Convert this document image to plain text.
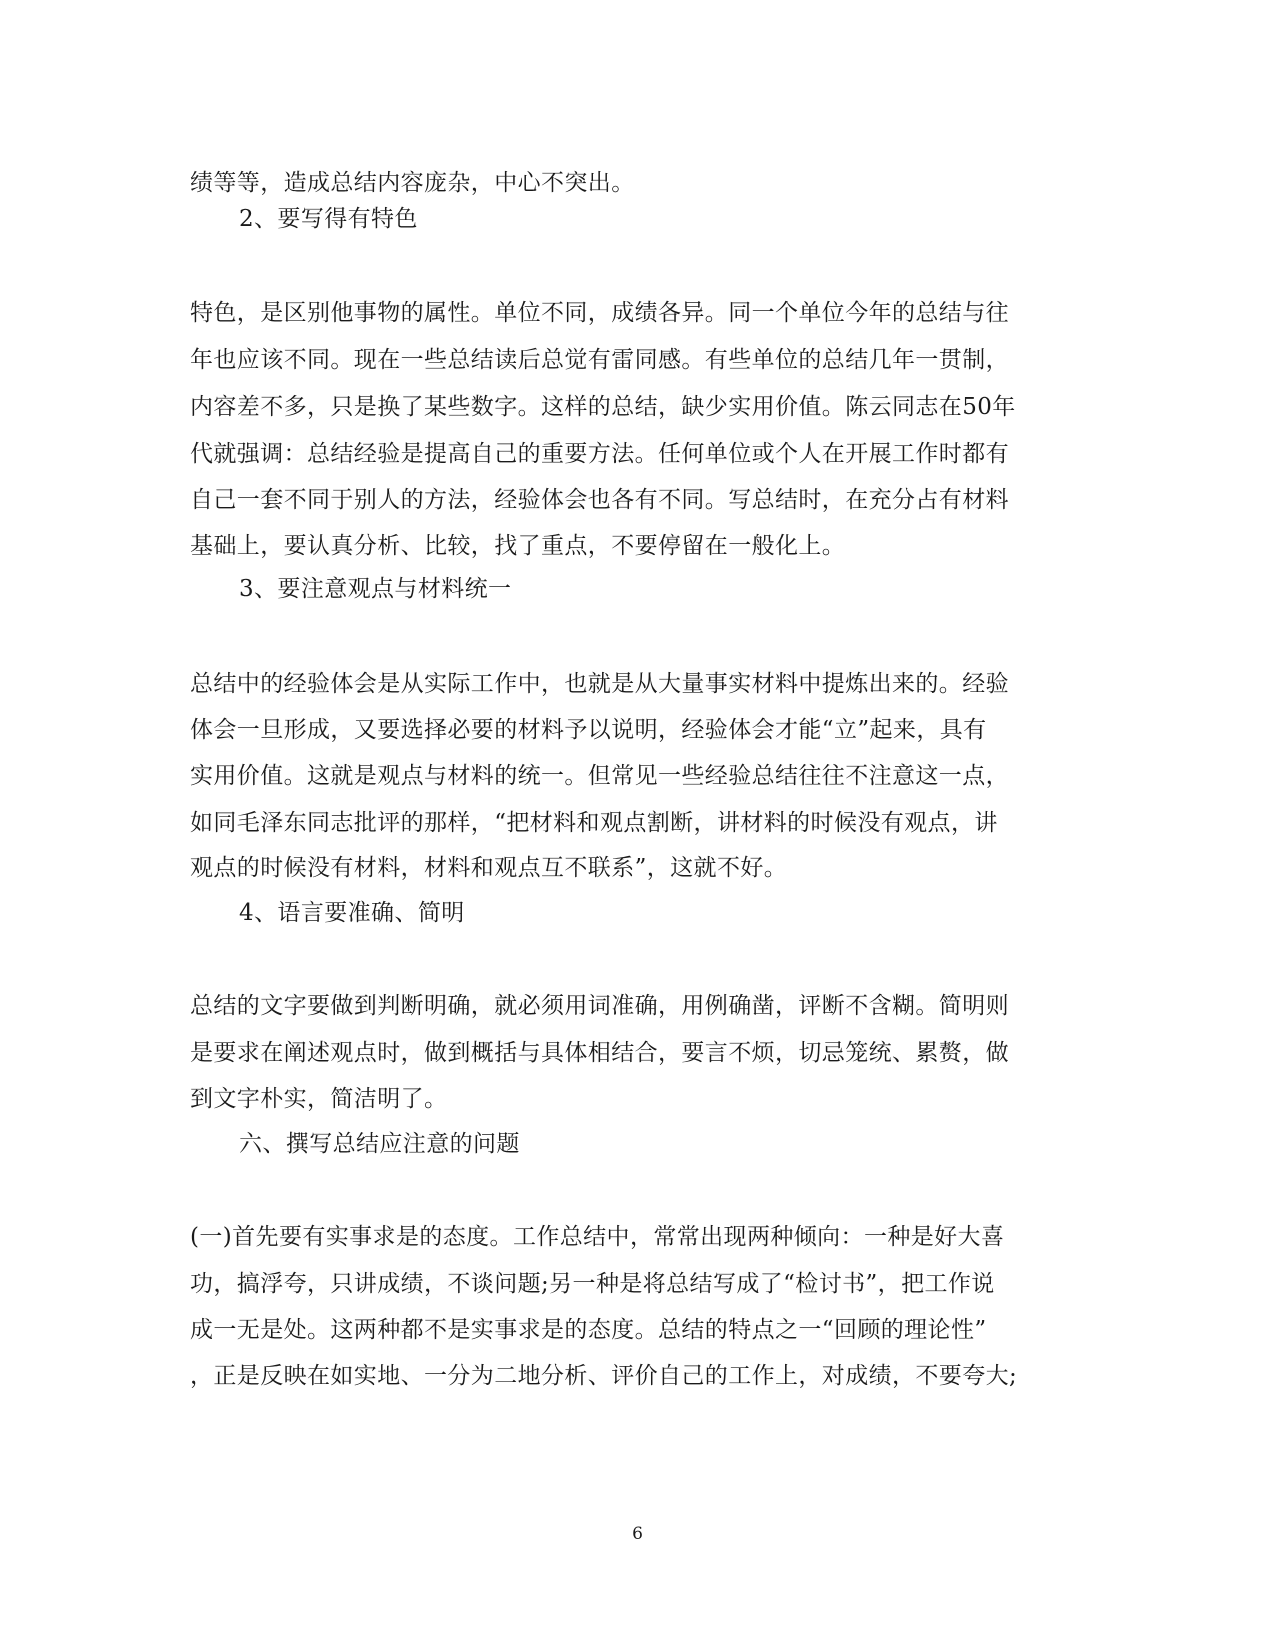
绩等等，造成总结内容庞杂，中心不突出。
2、要写得有特色
特色，是区别他事物的属性。单位不同，成绩各异。同一个单位今年的总结与往
年也应该不同。现在一些总结读后总觉有雷同感。有些单位的总结几年一贯制，
内容差不多，只是换了某些数字。这样的总结，缺少实用价值。陈云同志在50年
代就强调：总结经验是提高自己的重要方法。任何单位或个人在开展工作时都有
自己一套不同于别人的方法，经验体会也各有不同。写总结时，在充分占有材料
基础上，要认真分析、比较，找了重点，不要停留在一般化上。
3、要注意观点与材料统一
总结中的经验体会是从实际工作中，也就是从大量事实材料中提炼出来的。经验
体会一旦形成，又要选择必要的材料予以说明，经验体会才能“立”起来，具有
实用价值。这就是观点与材料的统一。但常见一些经验总结往往不注意这一点，
如同毛泽东同志批评的那样，“把材料和观点割断，讲材料的时候没有观点，讲
观点的时候没有材料，材料和观点互不联系”，这就不好。
4、语言要准确、简明
总结的文字要做到判断明确，就必须用词准确，用例确凿，评断不含糊。简明则
是要求在阐述观点时，做到概括与具体相结合，要言不烦，切忌笼统、累赘，做
到文字朴实，简洁明了。
六、撰写总结应注意的问题
(一)首先要有实事求是的态度。工作总结中，常常出现两种倾向：一种是好大喜
功，搞浮夸，只讲成绩，不谈问题;另一种是将总结写成了“检讨书”，把工作说
成一无是处。这两种都不是实事求是的态度。总结的特点之一“回顾的理论性”
，正是反映在如实地、一分为二地分析、评价自己的工作上，对成绩，不要夸大;
6
